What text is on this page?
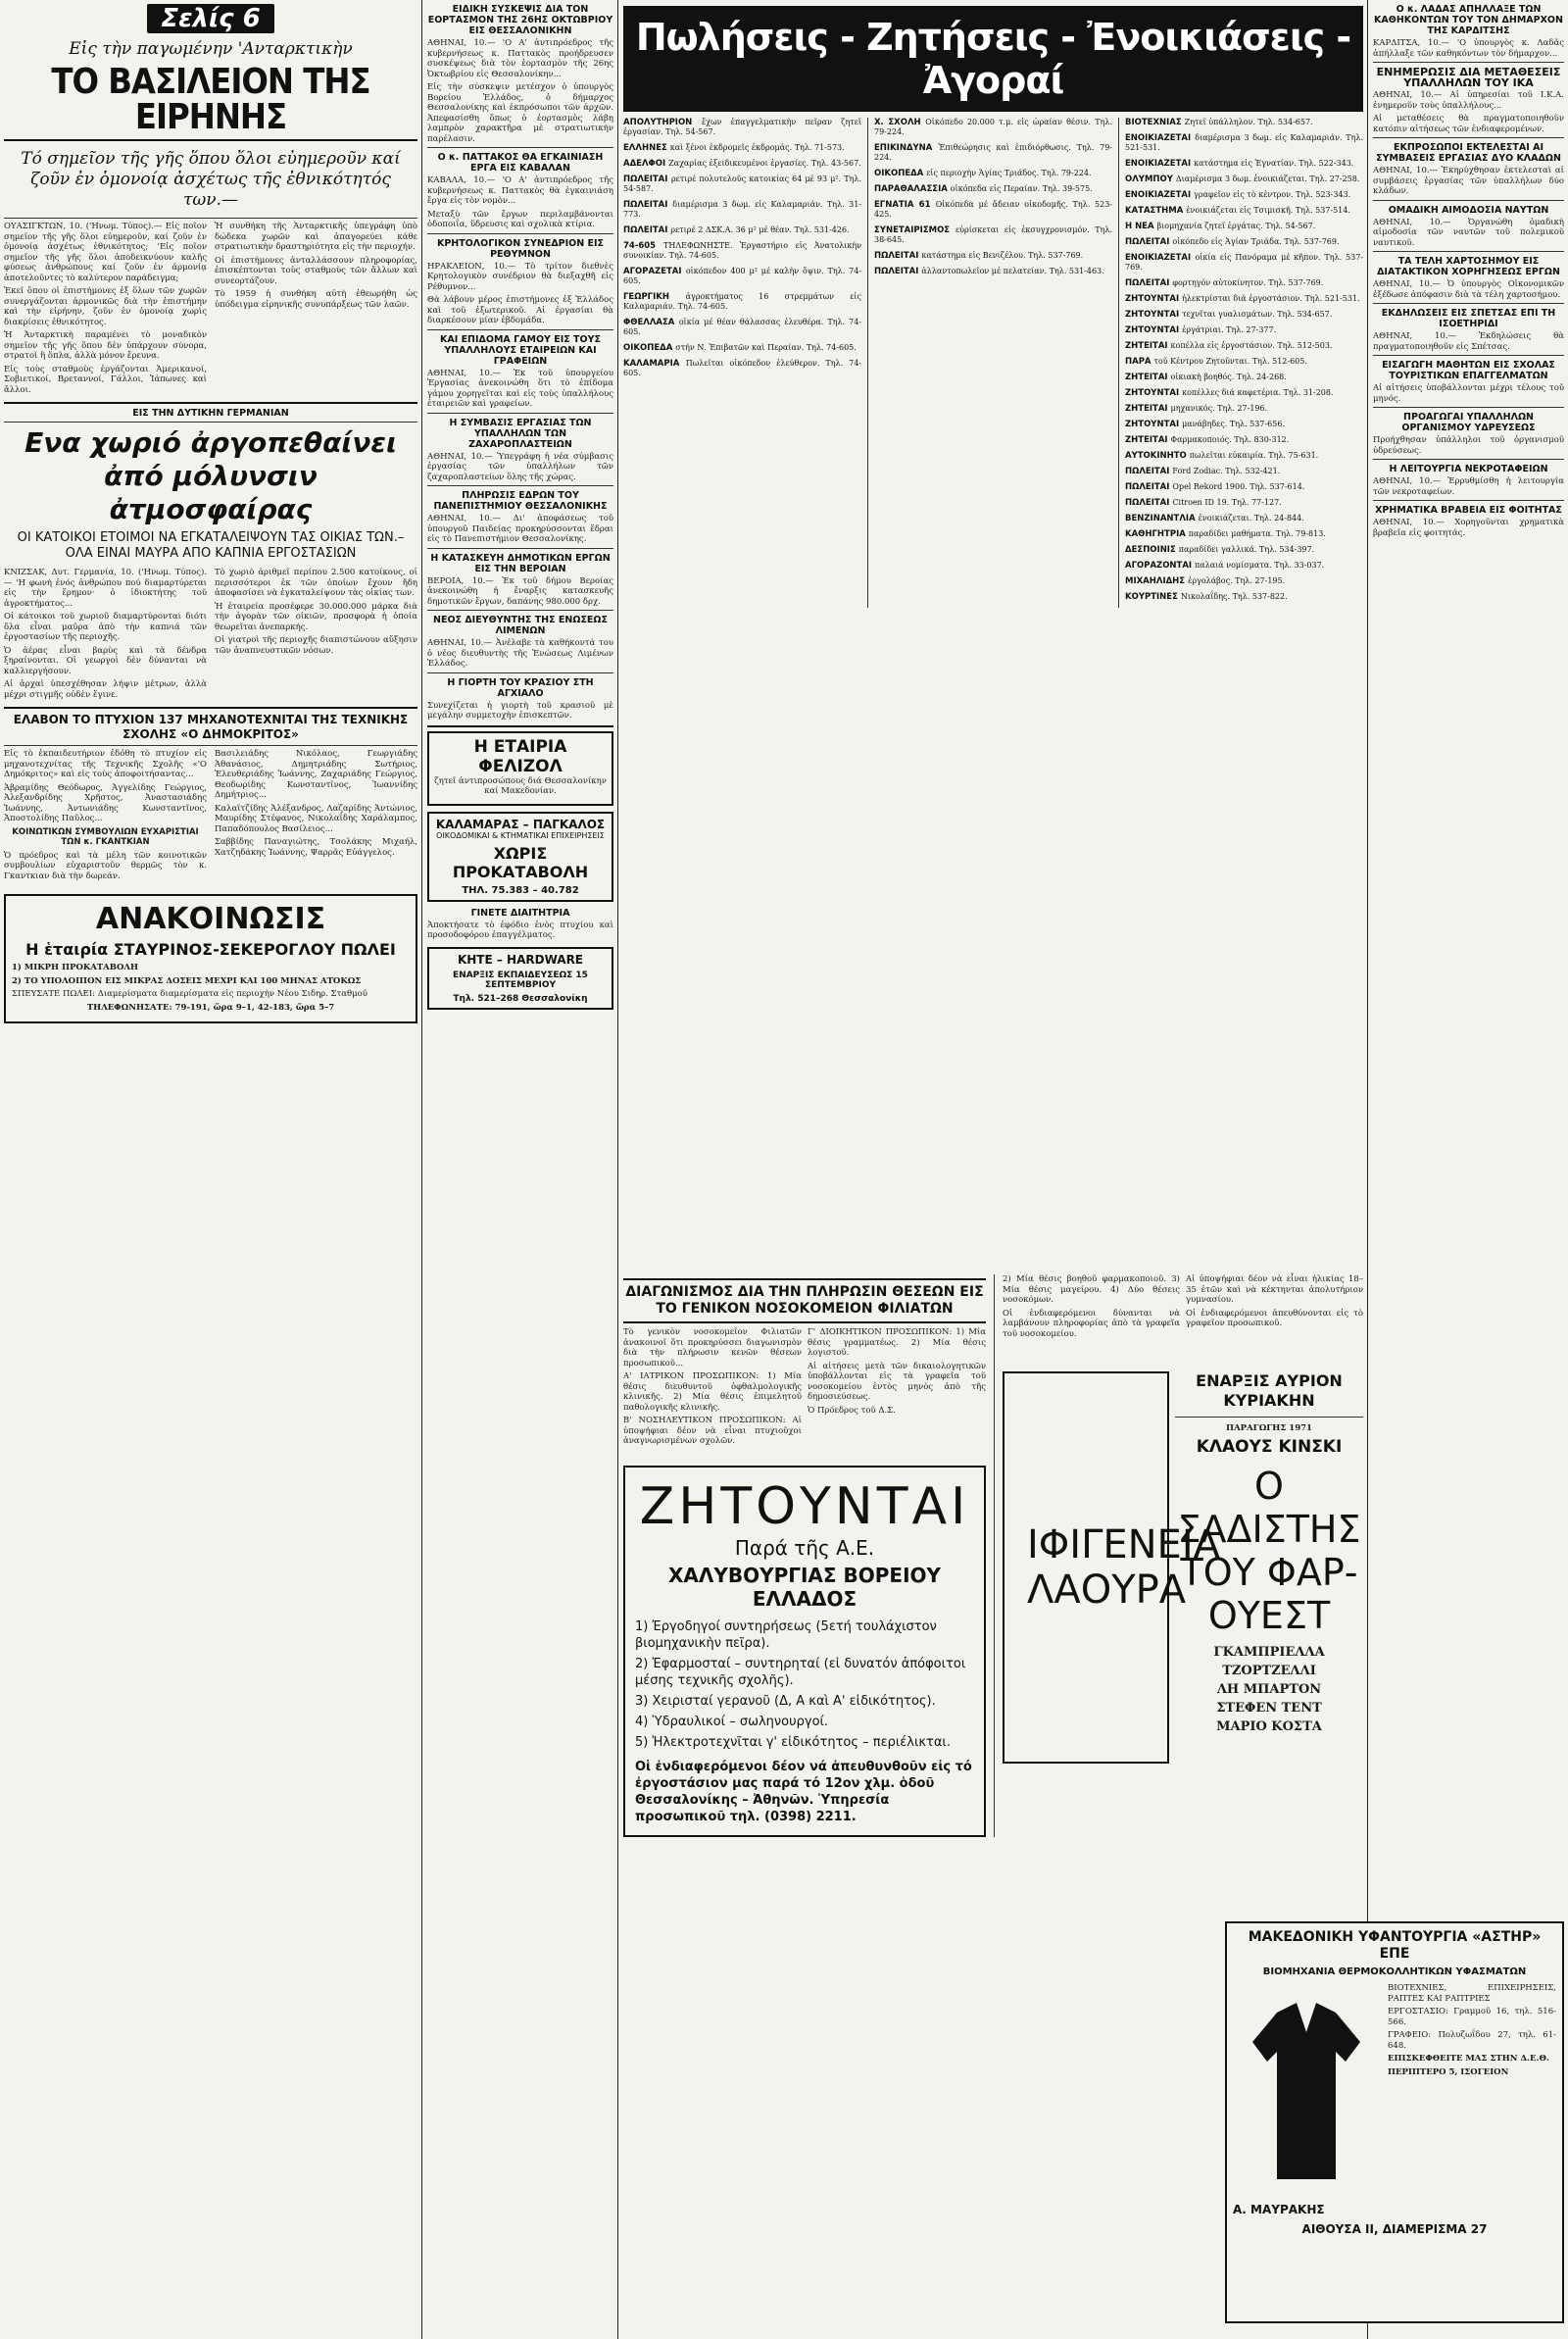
Σελίς 6
Εἰς τὴν παγωμένην 'Ανταρκτικὴν
ΤΟ ΒΑΣΙΛΕΙΟΝ ΤΗΣ ΕΙΡΗΝΗΣ
Τό σημεῖον τῆς γῆς ὅπου ὅλοι εὐημεροῦν καί ζοῦν ἐν ὁμονοίᾳ ἀσχέτως τῆς ἐθνικότητός των.—
ΟΥΑΣΙΓΚΤΩΝ, 10. ('Ηνωμ. Τύπος).— Εἰς ποῖον σημεῖον τῆς γῆς ὅλοι εὐημεροῦν, καί ζοῦν ἐν ὁμονοίᾳ ἀσχέτως ἐθνικότητος; 'Εἰς ποῖον σημεῖον τῆς γῆς ὅλοι ἀποδεικνύουν καλῆς φύσεως ἀνθρώπους καί ζοῦν ἐν ἀρμονίᾳ ἀποτελοῦντες τὸ καλύτερον παράδειγμα;
Ἐκεῖ ὅπου οἱ ἐπιστήμονες ἐξ ὅλων τῶν χωρῶν συνεργάζονται ἀρμονικῶς διὰ τὴν ἐπιστήμην καὶ τὴν εἰρήνην, ζοῦν ἐν ὁμονοίᾳ χωρὶς διακρίσεις ἐθνικότητος.
Ἡ Ἀνταρκτικὴ παραμένει τὸ μοναδικὸν σημεῖον τῆς γῆς ὅπου δὲν ὑπάρχουν σύνορα, στρατοὶ ἢ ὅπλα, ἀλλὰ μόνον ἔρευνα.
Εἰς τοὺς σταθμοὺς ἐργάζονται Ἀμερικανοί, Σοβιετικοί, Βρεταννοί, Γάλλοι, Ἰάπωνες καὶ ἄλλοι.
Ἡ συνθήκη τῆς Ἀνταρκτικῆς ὑπεγράφη ὑπὸ δώδεκα χωρῶν καὶ ἀπαγορεύει κάθε στρατιωτικὴν δραστηριότητα εἰς τὴν περιοχήν.
Οἱ ἐπιστήμονες ἀνταλλάσσουν πληροφορίας, ἐπισκέπτονται τοὺς σταθμοὺς τῶν ἄλλων καὶ συνεορτάζουν.
Τὸ 1959 ἡ συνθήκη αὐτὴ ἐθεωρήθη ὡς ὑπόδειγμα εἰρηνικῆς συνυπάρξεως τῶν λαῶν.
ΕΙΣ ΤΗΝ ΔΥΤΙΚΗΝ ΓΕΡΜΑΝΙΑΝ
Ενα χωριό ἀργοπεθαίνει ἀπό μόλυνσιν ἀτμοσφαίρας
ΟΙ ΚΑΤΟΙΚΟΙ ΕΤΟΙΜΟΙ ΝΑ ΕΓΚΑΤΑΛΕΙΨΟΥΝ ΤΑΣ ΟΙΚΙΑΣ ΤΩΝ.– ΟΛΑ ΕΙΝΑΙ ΜΑΥΡΑ ΑΠΟ ΚΑΠΝΙΑ ΕΡΓΟΣΤΑΣΙΩΝ
ΚΝΙΖΣΑΚ, Δυτ. Γερμανία, 10. ('Ηνωμ. Τύπος).— 'Η φωνή ἐνός ἀνθρώπου πού διαμαρτύρεται εἰς τὴν ἔρημον· ὁ ἰδιοκτήτης τοῦ ἀγροκτήματος...
Οἱ κάτοικοι τοῦ χωριοῦ διαμαρτύρονται διότι ὅλα εἶναι μαῦρα ἀπὸ τὴν καπνιά τῶν ἐργοστασίων τῆς περιοχῆς.
Ὁ ἀέρας εἶναι βαρὺς καὶ τὰ δένδρα ξηραίνονται. Οἱ γεωργοὶ δὲν δύνανται νὰ καλλιεργήσουν.
Αἱ ἀρχαὶ ὑπεσχέθησαν λήψιν μέτρων, ἀλλὰ μέχρι στιγμῆς οὐδὲν ἔγινε.
Τὸ χωριὸ ἀριθμεῖ περίπου 2.500 κατοίκους, οἱ περισσότεροι ἐκ τῶν ὁποίων ἔχουν ἤδη ἀποφασίσει νὰ ἐγκαταλείψουν τὰς οἰκίας των.
Ἡ ἑταιρεία προσέφερε 30.000.000 μάρκα διὰ τὴν ἀγορὰν τῶν οἰκιῶν, προσφορὰ ἡ ὁποία θεωρεῖται ἀνεπαρκής.
Οἱ γιατροὶ τῆς περιοχῆς διαπιστώνουν αὔξησιν τῶν ἀναπνευστικῶν νόσων.
ΕΛΑΒΟΝ ΤΟ ΠΤΥΧΙΟΝ 137 ΜΗΧΑΝΟΤΕΧΝΙΤΑΙ ΤΗΣ ΤΕΧΝΙΚΗΣ ΣΧΟΛΗΣ «Ο ΔΗΜΟΚΡΙΤΟΣ»
Εἰς τὸ ἐκπαιδευτήριον ἐδόθη τὸ πτυχίον εἰς μηχανοτεχνίτας τῆς Τεχνικῆς Σχολῆς «'Ο Δημόκριτος» καὶ εἰς τοὺς ἀποφοιτήσαντας...
Ἀβραμίδης Θεόδωρος, Ἀγγελίδης Γεώργιος, Ἀλεξανδρίδης Χρῆστος, Ἀναστασιάδης Ἰωάννης, Ἀντωνιάδης Κωνσταντῖνος, Ἀποστολίδης Παῦλος...
ΚΟΙΝΩΤΙΚΩΝ ΣΥΜΒΟΥΛΙΩΝ ΕΥΧΑΡΙΣΤΙΑΙ ΤΩΝ κ. ΓΚΑΝΤΚΙΑΝ
Ὁ πρόεδρος καὶ τὰ μέλη τῶν κοινοτικῶν συμβουλίων εὐχαριστοῦν θερμῶς τὸν κ. Γκαντκιαν διὰ τὴν δωρεάν.
Βασιλειάδης Νικόλαος, Γεωργιάδης Ἀθανάσιος, Δημητριάδης Σωτήριος, Ἐλευθεριάδης Ἰωάννης, Ζαχαριάδης Γεώργιος, Θεοδωρίδης Κωνσταντῖνος, Ἰωαννίδης Δημήτριος...
Καλαϊτζίδης Ἀλέξανδρος, Λαζαρίδης Ἀντώνιος, Μαυρίδης Στέφανος, Νικολαΐδης Χαράλαμπος, Παπαδόπουλος Βασίλειος...
Σαββίδης Παναγιώτης, Τσολάκης Μιχαήλ, Χατζηδάκης Ἰωάννης, Ψαρρᾶς Εὐάγγελος.
ΑΝΑΚΟΙΝΩΣΙΣ
Η ἑταιρία ΣΤΑΥΡΙΝΟΣ-ΣΕΚΕΡΟΓΛΟΥ ΠΩΛΕΙ
1) ΜΙΚΡΗ ΠΡΟΚΑΤΑΒΟΛΗ
2) ΤΟ ΥΠΟΛΟΙΠΟΝ ΕΙΣ ΜΙΚΡΑΣ ΔΟΣΕΙΣ ΜΕΧΡΙ ΚΑΙ 100 ΜΗΝΑΣ ΑΤΟΚΩΣ
ΣΠΕΥΣΑΤΕ ΠΩΛΕΙ: Διαμερίσματα διαμερίσματα εἰς περιοχὴν Νέου Σιδηρ. Σταθμοῦ
ΤΗΛΕΦΩΝΗΣΑΤΕ: 79-191, ὥρα 9–1, 42-183, ὥρα 5–7
ΕΙΔΙΚΗ ΣΥΣΚΕΨΙΣ ΔΙΑ ΤΟΝ ΕΟΡΤΑΣΜΟΝ ΤΗΣ 26ΗΣ ΟΚΤΩΒΡΙΟΥ ΕΙΣ ΘΕΣΣΑΛΟΝΙΚΗΝ
ΑΘΗΝΑΙ, 10.— 'Ο Α' ἀντιπρόεδρος τῆς κυβερνήσεως κ. Παττακὸς προήδρευσεν συσκέψεως διὰ τὸν ἐορτασμὸν τῆς 26ης Ὀκτωβρίου εἰς Θεσσαλονίκην...
Εἰς τὴν σύσκεψιν μετέσχον ὁ ὑπουργὸς Βορείου Ἑλλάδος, ὁ δήμαρχος Θεσσαλονίκης καὶ ἐκπρόσωποι τῶν ἀρχῶν. Ἀπεφασίσθη ὅπως ὁ ἐορτασμὸς λάβη λαμπρὸν χαρακτῆρα μὲ στρατιωτικὴν παρέλασιν.
Ο κ. ΠΑΤΤΑΚΟΣ ΘΑ ΕΓΚΑΙΝΙΑΣΗ ΕΡΓΑ ΕΙΣ ΚΑΒΑΛΑΝ
ΚΑΒΑΛΑ, 10.— 'Ο Α' ἀντιπρόεδρος τῆς κυβερνήσεως κ. Παττακὸς θὰ ἐγκαινιάση ἔργα εἰς τὸν νομὸν...
Μεταξὺ τῶν ἔργων περιλαμβάνονται ὁδοποιΐα, ὕδρευσις καὶ σχολικὰ κτίρια.
ΚΡΗΤΟΛΟΓΙΚΟΝ ΣΥΝΕΔΡΙΟΝ ΕΙΣ ΡΕΘΥΜΝΟΝ
ΗΡΑΚΛΕΙΟΝ, 10.— Τὸ τρίτον διεθνὲς Κρητολογικὸν συνέδριον θὰ διεξαχθῆ εἰς Ρέθυμνον...
Θὰ λάβουν μέρος ἐπιστήμονες ἐξ Ἑλλάδος καὶ τοῦ ἐξωτερικοῦ. Αἱ ἐργασίαι θὰ διαρκέσουν μίαν ἑβδομάδα.
ΚΑΙ ΕΠΙΔΟΜΑ ΓΑΜΟΥ ΕΙΣ ΤΟΥΣ ΥΠΑΛΛΗΛΟΥΣ ΕΤΑΙΡΕΙΩΝ ΚΑΙ ΓΡΑΦΕΙΩΝ
ΑΘΗΝΑΙ, 10.— Ἐκ τοῦ ὑπουργείου Ἐργασίας ἀνεκοινώθη ὅτι τὸ ἐπίδομα γάμου χορηγεῖται καὶ εἰς τοὺς ὑπαλλήλους ἑταιρειῶν καὶ γραφείων.
Η ΣΥΜΒΑΣΙΣ ΕΡΓΑΣΙΑΣ ΤΩΝ ΥΠΑΛΛΗΛΩΝ ΤΩΝ ΖΑΧΑΡΟΠΛΑΣΤΕΙΩΝ
ΑΘΗΝΑΙ, 10.— Ὑπεγράφη ἡ νέα σύμβασις ἐργασίας τῶν ὑπαλλήλων τῶν ζαχαροπλαστείων ὅλης τῆς χώρας.
ΠΛΗΡΩΣΙΣ ΕΔΡΩΝ ΤΟΥ ΠΑΝΕΠΙΣΤΗΜΙΟΥ ΘΕΣΣΑΛΟΝΙΚΗΣ
ΑΘΗΝΑΙ, 10.— Δι' ἀποφάσεως τοῦ ὑπουργοῦ Παιδείας προκηρύσσονται ἕδραι εἰς τὸ Πανεπιστήμιον Θεσσαλονίκης.
Η ΚΑΤΑΣΚΕΥΗ ΔΗΜΟΤΙΚΩΝ ΕΡΓΩΝ ΕΙΣ ΤΗΝ ΒΕΡΟΙΑΝ
ΒΕΡΟΙΑ, 10.— Ἐκ τοῦ δήμου Βεροίας ἀνεκοινώθη ἡ ἔναρξις κατασκευῆς δημοτικῶν ἔργων, δαπάνης 980.000 δρχ.
ΝΕΟΣ ΔΙΕΥΘΥΝΤΗΣ ΤΗΣ ΕΝΩΣΕΩΣ ΛΙΜΕΝΩΝ
ΑΘΗΝΑΙ, 10.— Ἀνέλαβε τὰ καθήκοντά του ὁ νέος διευθυντὴς τῆς Ἑνώσεως Λιμένων Ἑλλάδος.
Η ΓΙΟΡΤΗ ΤΟΥ ΚΡΑΣΙΟΥ ΣΤΗ ΑΓΧΙΑΛΟ
Συνεχίζεται ἡ γιορτὴ τοῦ κρασιοῦ μὲ μεγάλην συμμετοχὴν ἐπισκεπτῶν.
Η ΕΤΑΙΡΙΑ ΦΕΛΙΖΟΛ
ζητεῖ ἀντιπροσώπους διά Θεσσαλονίκην καί Μακεδονίαν.
ΚΑΛΑΜΑΡΑΣ – ΠΑΓΚΑΛΟΣ
ΟΙΚΟΔΟΜΙΚΑΙ & ΚΤΗΜΑΤΙΚΑΙ ΕΠΙΧΕΙΡΗΣΕΙΣ
ΧΩΡΙΣ ΠΡΟΚΑΤΑΒΟΛΗ
ΤΗΛ. 75.383 – 40.782
ΓΙΝΕΤΕ ΔΙΑΙΤΗΤΡΙΑ
Ἀποκτήσατε τὸ ἐφόδιο ἑνὸς πτυχίου καὶ προσοδοφόρου ἐπαγγέλματος.
KHTE – HARDWARE
ΕΝΑΡΞΙΣ ΕΚΠΑΙΔΕΥΣΕΩΣ 15 ΣΕΠΤΕΜΒΡΙΟΥ
Τηλ. 521–268 Θεσσαλονίκη
Πωλήσεις - Ζητήσεις - Ἐνοικιάσεις - Ἀγοραί
ΑΠΟΛΥΤΗΡΙΟΝ ἔχων ἐπαγγελματικὴν πεῖραν ζητεῖ ἐργασίαν. Τηλ. 54-567.
ΕΛΛΗΝΕΣ καὶ ξένοι ἐκδρομεῖς ἐκδρομάς. Τηλ. 71-573.
ΑΔΕΛΦΟΙ Ζαχαρίας ἐξειδικευμένοι ἐργασίες. Τηλ. 43-567.
ΠΩΛΕΙΤΑΙ ρετιρέ πολυτελοῦς κατοικίας 64 μέ 93 μ². Τηλ. 54-587.
ΠΩΛΕΙΤΑΙ διαμέρισμα 3 δωμ. εἰς Καλαμαριάν. Τηλ. 31-773.
ΠΩΛΕΙΤΑΙ ρετιρέ 2 ΔΣΚ.Α. 36 μ² μέ θέαν. Τηλ. 531-426.
74-605 ΤΗΛΕΦΩΝΗΣΤΕ. Ἐργαστήριο εἰς Ἀνατολικὴν συνοικίαν. Τηλ. 74-605.
ΑΓΟΡΑΖΕΤΑΙ οἰκόπεδον 400 μ² μέ καλὴν ὄψιν. Τηλ. 74-605.
ΓΕΩΡΓΙΚΗ ἀγροκτήματος 16 στρεμμάτων εἰς Καλαμαριάν. Τηλ. 74-605.
ΦΘΕΛΛΑΣΑ οἰκία μέ θέαν θάλασσας ἐλευθέρα. Τηλ. 74-605.
ΟΙΚΟΠΕΔΑ στήν Ν. Ἐπιβατῶν καὶ Περαίαν. Τηλ. 74-605.
ΚΑΛΑΜΑΡΙΑ Πωλεῖται οἰκόπεδον ἐλεύθερον. Τηλ. 74-605.
Χ. ΣΧΟΛΗ Οἰκόπεδο 20.000 τ.μ. εἰς ὡραίαν θέσιν. Τηλ. 79-224.
ΕΠΙΚΙΝΔΥΝΑ Ἐπιθεώρησις καὶ ἐπιδιόρθωσις. Τηλ. 79-224.
ΟΙΚΟΠΕΔΑ εἰς περιοχὴν Ἁγίας Τριάδος. Τηλ. 79-224.
ΠΑΡΑΘΑΛΑΣΣΙΑ οἰκόπεδα εἰς Περαίαν. Τηλ. 39-575.
ΕΓΝΑΤΙΑ 61 Οἰκόπεδα μέ ἄδειαν οἰκοδομῆς. Τηλ. 523-425.
ΣΥΝΕΤΑΙΡΙΣΜΟΣ εὑρίσκεται εἰς ἐκσυγχρονισμόν. Τηλ. 38-645.
ΠΩΛΕΙΤΑΙ κατάστημα εἰς Βενιζέλου. Τηλ. 537-769.
ΠΩΛΕΙΤΑΙ ἀλλαντοπωλεῖον μέ πελατείαν. Τηλ. 531-463.
ΒΙΟΤΕΧΝΙΑΣ Ζητεῖ ὑπάλληλον. Τηλ. 534-657.
ΕΝΟΙΚΙΑΖΕΤΑΙ διαμέρισμα 3 δωμ. εἰς Καλαμαριάν. Τηλ. 521-531.
ΕΝΟΙΚΙΑΖΕΤΑΙ κατάστημα εἰς Ἐγνατίαν. Τηλ. 522-343.
ΟΛΥΜΠΟΥ Διαμέρισμα 3 δωμ. ἐνοικιάζεται. Τηλ. 27-258.
ΕΝΟΙΚΙΑΖΕΤΑΙ γραφεῖον εἰς τὸ κέντρον. Τηλ. 523-343.
ΚΑΤΑΣΤΗΜΑ ἐνοικιάζεται εἰς Τσιμισκῆ. Τηλ. 537-514.
Η ΝΕΑ βιομηχανία ζητεῖ ἐργάτας. Τηλ. 54-567.
ΠΩΛΕΙΤΑΙ οἰκόπεδο εἰς Ἁγίαν Τριάδα. Τηλ. 537-769.
ΕΝΟΙΚΙΑΖΕΤΑΙ οἰκία εἰς Πανόραμα μέ κῆπον. Τηλ. 537-769.
ΠΩΛΕΙΤΑΙ φορτηγόν αὐτοκίνητον. Τηλ. 537-769.
ΖΗΤΟΥΝΤΑΙ ἠλεκτρίσται διά ἐργοστάσιον. Τηλ. 521-531.
ΖΗΤΟΥΝΤΑΙ τεχνῖται γυαλισμάτων. Τηλ. 534-657.
ΖΗΤΟΥΝΤΑΙ ἐργάτριαι. Τηλ. 27-377.
ΖΗΤΕΙΤΑΙ κοπέλλα εἰς ἐργοστάσιον. Τηλ. 512-503.
ΠΑΡΑ τοῦ Κέντρου Ζητοῦνται. Τηλ. 512-605.
ΖΗΤΕΙΤΑΙ οἰκιακὴ βοηθός. Τηλ. 24-268.
ΖΗΤΟΥΝΤΑΙ κοπέλλες διά καφετέρια. Τηλ. 31-208.
ΖΗΤΕΙΤΑΙ μηχανικός. Τηλ. 27-196.
ΖΗΤΟΥΝΤΑΙ μανάβηδες. Τηλ. 537-656.
ΖΗΤΕΙΤΑΙ Φαρμακοποιός. Τηλ. 830-312.
ΑΥΤΟΚΙΝΗΤΟ πωλεῖται εὐκαιρία. Τηλ. 75-631.
ΠΩΛΕΙΤΑΙ Ford Zodiac. Τηλ. 532-421.
ΠΩΛΕΙΤΑΙ Opel Rekord 1900. Τηλ. 537-614.
ΠΩΛΕΙΤΑΙ Citroen ID 19. Τηλ. 77-127.
ΒΕΝΖΙΝΑΝΤΛΙΑ ἐνοικιάζεται. Τηλ. 24-844.
ΚΑΘΗΓΗΤΡΙΑ παραδίδει μαθήματα. Τηλ. 79-813.
ΔΕΣΠΟΙΝΙΣ παραδίδει γαλλικά. Τηλ. 534-397.
ΑΓΟΡΑΖΟΝΤΑΙ παλαιά νομίσματα. Τηλ. 33-037.
ΜΙΧΑΗΛΙΔΗΣ ἐργολάβος. Τηλ. 27-195.
ΚΟΥΡΤΙΝΕΣ Νικολαΐδης. Τηλ. 537-822.
ΔΙΑΓΩΝΙΣΜΟΣ ΔΙΑ ΤΗΝ ΠΛΗΡΩΣΙΝ ΘΕΣΕΩΝ ΕΙΣ ΤΟ ΓΕΝΙΚΟΝ ΝΟΣΟΚΟΜΕΙΟΝ ΦΙΛΙΑΤΩΝ
Τὸ γενικὸν νοσοκομεῖον Φιλιατῶν ἀνακοινοῖ ὅτι προκηρύσσει διαγωνισμὸν διὰ τὴν πλήρωσιν κενῶν θέσεων προσωπικοῦ...
Α' ΙΑΤΡΙΚΟΝ ΠΡΟΣΩΠΙΚΟΝ: 1) Μία θέσις διευθυντοῦ ὀφθαλμολογικῆς κλινικῆς. 2) Μία θέσις ἐπιμελητοῦ παθολογικῆς κλινικῆς.
Β' ΝΟΣΗΛΕΥΤΙΚΟΝ ΠΡΟΣΩΠΙΚΟΝ: Αἱ ὑποψήφιαι δέον νὰ εἶναι πτυχιοῦχοι ἀναγνωρισμένων σχολῶν.
Γ' ΔΙΟΙΚΗΤΙΚΟΝ ΠΡΟΣΩΠΙΚΟΝ: 1) Μία θέσις γραμματέως. 2) Μία θέσις λογιστοῦ.
Αἱ αἰτήσεις μετὰ τῶν δικαιολογητικῶν ὑποβάλλονται εἰς τὰ γραφεῖα τοῦ νοσοκομείου ἐντὸς μηνὸς ἀπὸ τῆς δημοσιεύσεως.
Ὁ Πρόεδρος τοῦ Δ.Σ.
ΖΗΤΟΥΝΤΑΙ
Παρά τῆς Α.Ε.
ΧΑΛΥΒΟΥΡΓΙΑΣ ΒΟΡΕΙΟΥ ΕΛΛΑΔΟΣ
1) Ἐργοδηγοί συντηρήσεως (5ετή τουλάχιστον βιομηχανικὴν πεῖρα).
2) Ἐφαρμοσταί – συντηρηταί (εἰ δυνατόν ἀπόφοιτοι μέσης τεχνικῆς σχολῆς).
3) Χειρισταί γερανοῦ (Δ, Α καὶ Α' εἰδικότητος).
4) Ὑδραυλικοί – σωληνουργοί.
5) Ἠλεκτροτεχνῖται γ' εἰδικότητος – περιέλικται.
Οἱ ἐνδιαφερόμενοι δέον νά ἀπευθυνθοῦν εἰς τό ἐργοστάσιον μας παρά τό 12ον χλμ. ὁδοῦ Θεσσαλονίκης – Ἀθηνῶν. Ὑπηρεσία προσωπικοῦ τηλ. (0398) 2211.
2) Μία θέσις βοηθοῦ φαρμακοποιοῦ. 3) Μία θέσις μαγείρου. 4) Δύο θέσεις νοσοκόμων.
Οἱ ἐνδιαφερόμενοι δύνανται νὰ λαμβάνουν πληροφορίας ἀπὸ τὰ γραφεῖα τοῦ νοσοκομείου.
Αἱ ὑποψήφιαι δέον νὰ εἶναι ἡλικίας 18–35 ἐτῶν καὶ νὰ κέκτηνται ἀπολυτήριον γυμνασίου.
Οἱ ἐνδιαφερόμενοι ἀπευθύνονται εἰς τὸ γραφεῖον προσωπικοῦ.
ΙΦΙΓΕΝΕΙΑ ΛΑΟΥΡΑ
ΕΝΑΡΞΙΣ ΑΥΡΙΟΝ ΚΥΡΙΑΚΗΝ
ΠΑΡΑΓΩΓΗΣ 1971
ΚΛΑΟΥΣ ΚΙΝΣΚΙ
Ο ΣΑΔΙΣΤΗΣ ΤΟΥ ΦΑΡ-ΟΥΕΣΤ
ΓΚΑΜΠΡΙΕΛΛΑ
ΤΖΟΡΤΖΕΛΛΙ
ΛΗ ΜΠΑΡΤΟΝ
ΣΤΕΦΕΝ ΤΕΝΤ
ΜΑΡΙΟ ΚΟΣΤΑ
Ο κ. ΛΑΔΑΣ ΑΠΗΛΛΑΞΕ ΤΩΝ ΚΑΘΗΚΟΝΤΩΝ ΤΟΥ ΤΟΝ ΔΗΜΑΡΧΟΝ ΤΗΣ ΚΑΡΔΙΤΣΗΣ
ΚΑΡΔΙΤΣΑ, 10.— 'Ο ὑπουργὸς κ. Λαδᾶς ἀπήλλαξε τῶν καθηκόντων τὸν δήμαρχον...
ΕΝΗΜΕΡΩΣΙΣ ΔΙΑ ΜΕΤΑΘΕΣΕΙΣ ΥΠΑΛΛΗΛΩΝ ΤΟΥ ΙΚΑ
ΑΘΗΝΑΙ, 10.— Αἱ ὑπηρεσίαι τοῦ Ι.Κ.Α. ἐνημεροῦν τοὺς ὑπαλλήλους...
Αἱ μεταθέσεις θὰ πραγματοποιηθοῦν κατόπιν αἰτήσεως τῶν ἐνδιαφερομένων.
ΕΚΠΡΟΣΩΠΟΙ ΕΚΤΕΛΕΣΤΑΙ ΑΙ ΣΥΜΒΑΣΕΙΣ ΕΡΓΑΣΙΑΣ ΔΥΟ ΚΛΑΔΩΝ
ΑΘΗΝΑΙ, 10.— Ἐκηρύχθησαν ἐκτελεσταὶ αἱ συμβάσεις ἐργασίας τῶν ὑπαλλήλων δύο κλάδων.
ΟΜΑΔΙΚΗ ΑΙΜΟΔΟΣΙΑ ΝΑΥΤΩΝ
ΑΘΗΝΑΙ, 10.— Ὀργανώθη ὁμαδικὴ αἱμοδοσία τῶν ναυτῶν τοῦ πολεμικοῦ ναυτικοῦ.
ΤΑ ΤΕΛΗ ΧΑΡΤΟΣΗΜΟΥ ΕΙΣ ΔΙΑΤΑΚΤΙΚΟΝ ΧΟΡΗΓΗΣΕΩΣ ΕΡΓΩΝ
ΑΘΗΝΑΙ, 10.— Ὁ ὑπουργὸς Οἰκονομικῶν ἐξέδωσε ἀπόφασιν διὰ τὰ τέλη χαρτοσήμου.
ΕΚΔΗΛΩΣΕΙΣ ΕΙΣ ΣΠΕΤΣΑΣ ΕΠΙ ΤΗ ΙΣΟΕΤΗΡΙΔΙ
ΑΘΗΝΑΙ, 10.— Ἐκδηλώσεις θὰ πραγματοποιηθοῦν εἰς Σπέτσας.
ΕΙΣΑΓΩΓΗ ΜΑΘΗΤΩΝ ΕΙΣ ΣΧΟΛΑΣ ΤΟΥΡΙΣΤΙΚΩΝ ΕΠΑΓΓΕΛΜΑΤΩΝ
Αἱ αἰτήσεις ὑποβάλλονται μέχρι τέλους τοῦ μηνός.
ΠΡΟΑΓΩΓΑΙ ΥΠΑΛΛΗΛΩΝ ΟΡΓΑΝΙΣΜΟΥ ΥΔΡΕΥΣΕΩΣ
Προήχθησαν ὑπάλληλοι τοῦ ὀργανισμοῦ ὑδρεύσεως.
Η ΛΕΙΤΟΥΡΓΙΑ ΝΕΚΡΟΤΑΦΕΙΩΝ
ΑΘΗΝΑΙ, 10.— Ἐρρυθμίσθη ἡ λειτουργία τῶν νεκροταφείων.
ΧΡΗΜΑΤΙΚΑ ΒΡΑΒΕΙΑ ΕΙΣ ΦΟΙΤΗΤΑΣ
ΑΘΗΝΑΙ, 10.— Χορηγοῦνται χρηματικὰ βραβεῖα εἰς φοιτητάς.
ΜΑΚΕΔΟΝΙΚΗ ΥΦΑΝΤΟΥΡΓΙΑ «ΑΣΤΗΡ» ΕΠΕ
ΒΙΟΜΗΧΑΝΙΑ ΘΕΡΜΟΚΟΛΛΗΤΙΚΩΝ ΥΦΑΣΜΑΤΩΝ
ΒΙΟΤΕΧΝΙΕΣ, ΕΠΙΧΕΙΡΗΣΕΙΣ, ΡΑΠΤΕΣ ΚΑΙ ΡΑΠΤΡΙΕΣ
ΕΡΓΟΣΤΑΣΙΟ: Γραμμοῦ 16, τηλ. 516-566.
ΓΡΑΦΕΙΟ: Πολυζωΐδου 27, τηλ. 61-648.
ΕΠΙΣΚΕΦΘΕΙΤΕ ΜΑΣ ΣΤΗΝ Δ.Ε.Θ.
ΠΕΡΙΠΤΕΡΟ 5, ΙΣΟΓΕΙΟΝ
Α. ΜΑΥΡΑΚΗΣ
ΑΙΘΟΥΣΑ ΙΙ, ΔΙΑΜΕΡΙΣΜΑ 27
